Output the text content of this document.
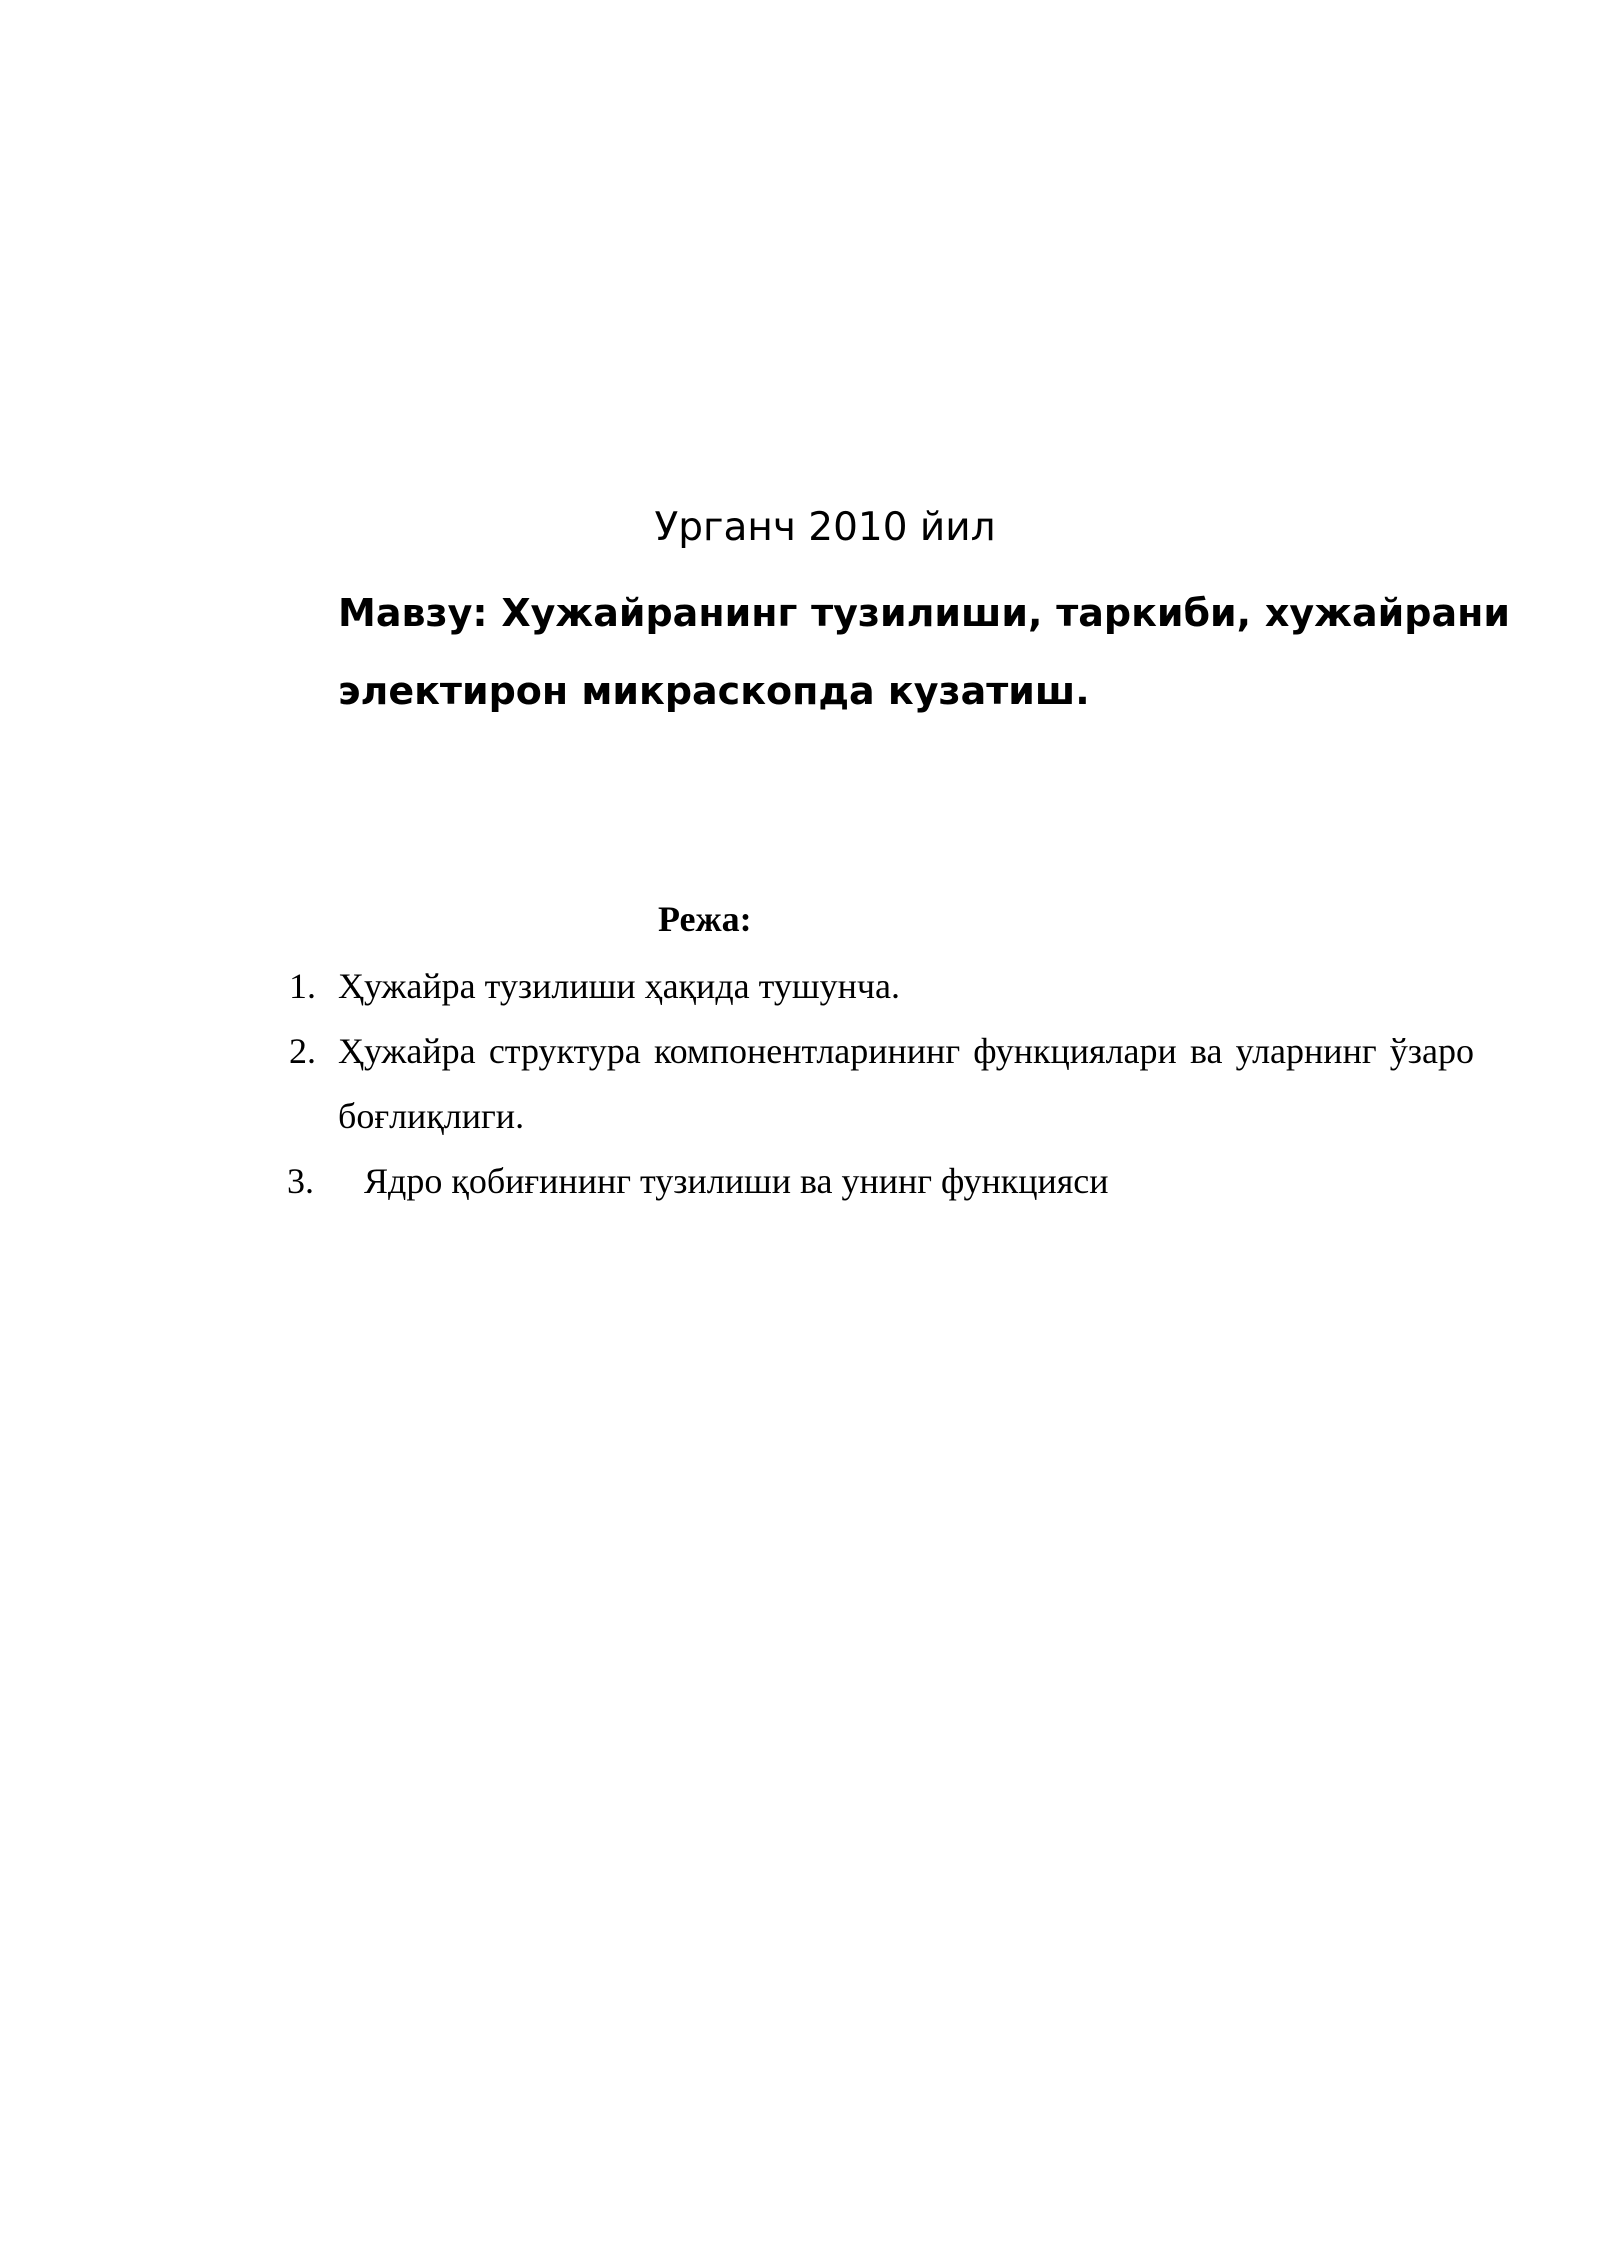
Урганч 2010 йил
Мавзу: Хужайранинг тузилиши, таркиби, хужайрани электирон микраскопда кузатиш.
Режа:
1. Ҳужайра тузилиши ҳақида тушунча.
2. Ҳужайра структура компонентларининг функциялари ва уларнинг ўзаро боғлиқлиги.
3. Ядро қобиғининг тузилиши ва унинг функцияси
